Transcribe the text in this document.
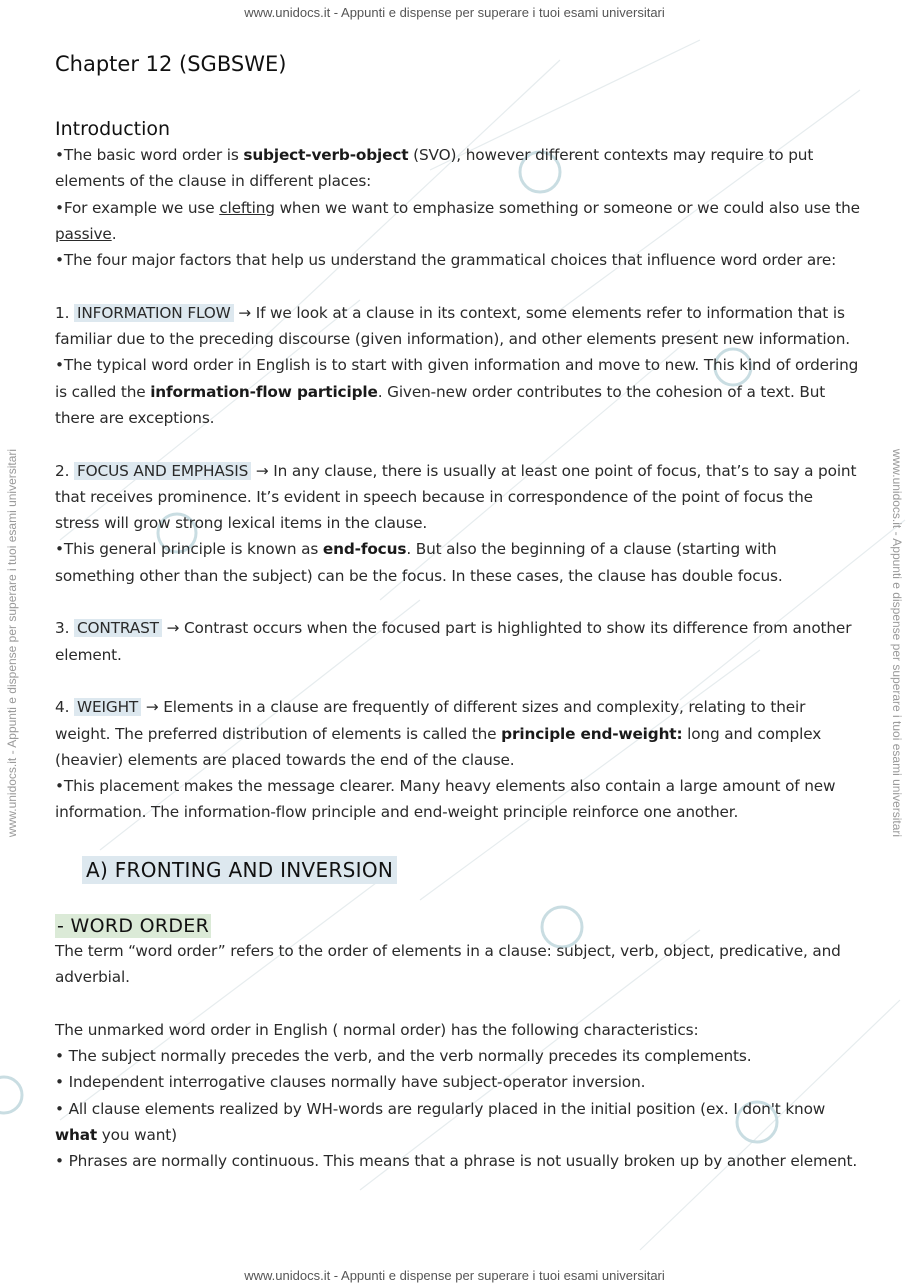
www.unidocs.it - Appunti e dispense per superare i tuoi esami universitari
www.unidocs.it - Appunti e dispense per superare i tuoi esami universitari
www.unidocs.it - Appunti e dispense per superare i tuoi esami universitari	www.unidocs.it - Appunti e dispense per superare i tuoi esami universitari
Chapter 12 (SGBSWE)
Introduction
•The basic word order is subject-verb-object (SVO), however different contexts may require to put elements of the clause in different places:
•For example we use clefting when we want to emphasize something or someone or we could also use the passive.
•The four major factors that help us understand the grammatical choices that influence word order are:
1. INFORMATION FLOW → If we look at a clause in its context, some elements refer to information that is familiar due to the preceding discourse (given information), and other elements present new information.
•The typical word order in English is to start with given information and move to new. This kind of ordering is called the information-flow participle. Given-new order contributes to the cohesion of a text. But there are exceptions.
2. FOCUS AND EMPHASIS → In any clause, there is usually at least one point of focus, that’s to say a point that receives prominence. It’s evident in speech because in correspondence of the point of focus the stress will grow strong lexical items in the clause.
•This general principle is known as end-focus. But also the beginning of a clause (starting with something other than the subject) can be the focus. In these cases, the clause has double focus.
3. CONTRAST → Contrast occurs when the focused part is highlighted to show its difference from another element.
4. WEIGHT → Elements in a clause are frequently of different sizes and complexity, relating to their weight. The preferred distribution of elements is called the principle end-weight: long and complex (heavier) elements are placed towards the end of the clause.
•This placement makes the message clearer. Many heavy elements also contain a large amount of new information. The information-flow principle and end-weight principle reinforce one another.
A) FRONTING AND INVERSION
- WORD ORDER
The term “word order” refers to the order of elements in a clause: subject, verb, object, predicative, and adverbial.
The unmarked word order in English ( normal order) has the following characteristics:
• The subject normally precedes the verb, and the verb normally precedes its complements.
• Independent interrogative clauses normally have subject-operator inversion.
• All clause elements realized by WH-words are regularly placed in the initial position (ex. I don't know what you want)
• Phrases are normally continuous. This means that a phrase is not usually broken up by another element.
